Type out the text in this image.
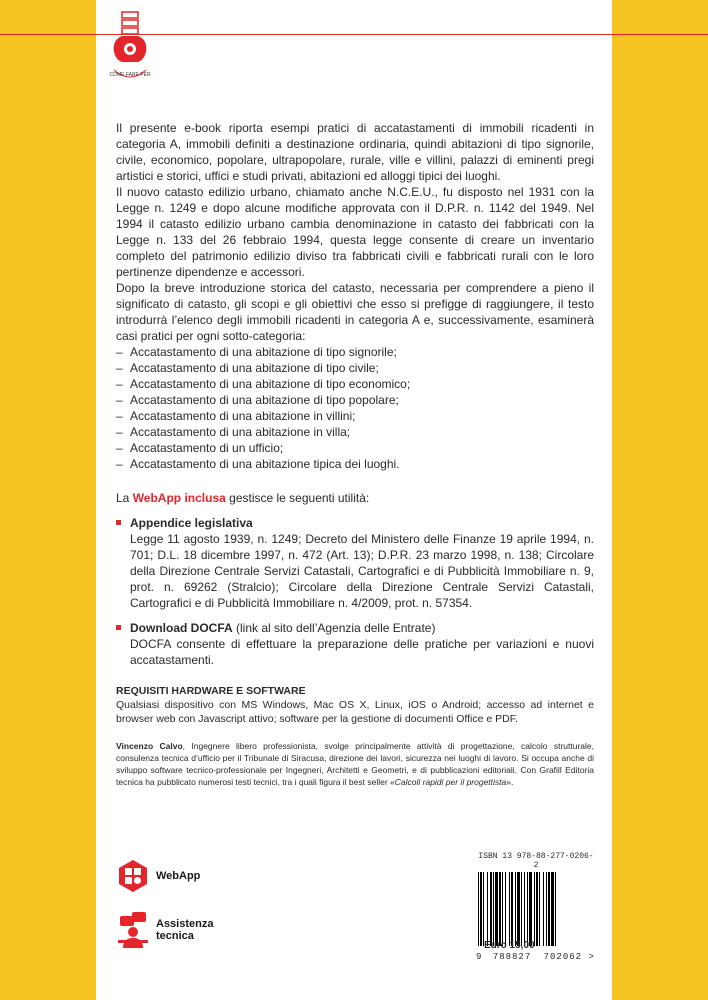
COME FARE PER

Il presente e-book riporta esempi pratici di accatastamenti di immobili ricadenti in categoria A, immobili definiti a destinazione ordinaria, quindi abitazioni di tipo signorile, civile, economico, popolare, ultrapopolare, rurale, ville e villini, palazzi di eminenti pregi artistici e storici, uffici e studi privati, abitazioni ed alloggi tipici dei luoghi.

Il nuovo catasto edilizio urbano, chiamato anche N.C.E.U., fu disposto nel 1931 con la Legge n. 1249 e dopo alcune modifiche approvata con il D.P.R. n. 1142 del 1949. Nel 1994 il catasto edilizio urbano cambia denominazione in catasto dei fabbricati con la Legge n. 133 del 26 febbraio 1994, questa legge consente di creare un inventario completo del patrimonio edilizio diviso tra fabbricati civili e fabbricati rurali con le loro pertinenze dipendenze e accessori.

Dopo la breve introduzione storica del catasto, necessaria per comprendere a pieno il significato di catasto, gli scopi e gli obiettivi che esso si prefigge di raggiungere, il testo introdurrà l’elenco degli immobili ricadenti in categoria A e, successivamente, esaminerà casi pratici per ogni sotto-categoria:

– Accatastamento di una abitazione di tipo signorile;
– Accatastamento di una abitazione di tipo civile;
– Accatastamento di una abitazione di tipo economico;
– Accatastamento di una abitazione di tipo popolare;
– Accatastamento di una abitazione in villini;
– Accatastamento di una abitazione in villa;
– Accatastamento di un ufficio;
– Accatastamento di una abitazione tipica dei luoghi.

La WebApp inclusa gestisce le seguenti utilità:

Appendice legislativa
Legge 11 agosto 1939, n. 1249; Decreto del Ministero delle Finanze 19 aprile 1994, n. 701; D.L. 18 dicembre 1997, n. 472 (Art. 13); D.P.R. 23 marzo 1998, n. 138; Circolare della Direzione Centrale Servizi Catastali, Cartografici e di Pubblicità Immobiliare n. 9, prot. n. 69262 (Stralcio); Circolare della Direzione Centrale Servizi Catastali, Cartografici e di Pubblicità Immobiliare n. 4/2009, prot. n. 57354.
Download DOCFA (link al sito dell’Agenzia delle Entrate)
DOCFA consente di effettuare la preparazione delle pratiche per variazioni e nuovi accatastamenti.
REQUISITI HARDWARE E SOFTWARE
Qualsiasi dispositivo con MS Windows, Mac OS X, Linux, iOS o Android; accesso ad internet e browser web con Javascript attivo; software per la gestione di documenti Office e PDF.

Vincenzo Calvo, Ingegnere libero professionista, svolge principalmente attività di progettazione, calcolo strutturale, consulenza tecnica d’ufficio per il Tribunale di Siracusa, direzione dei lavori, sicurezza nei luoghi di lavoro. Si occupa anche di sviluppo software tecnico-professionale per Ingegneri, Architetti e Geometri, e di pubblicazioni editoriali. Con Grafill Editoria tecnica ha pubblicato numerosi testi tecnici, tra i quali figura il best seller «Calcoli rapidi per il progettista».

WebApp
Assistenza
tecnica
ISBN 13 978-88-277-0206-2
9 788827 702062 >
Euro 15,00
